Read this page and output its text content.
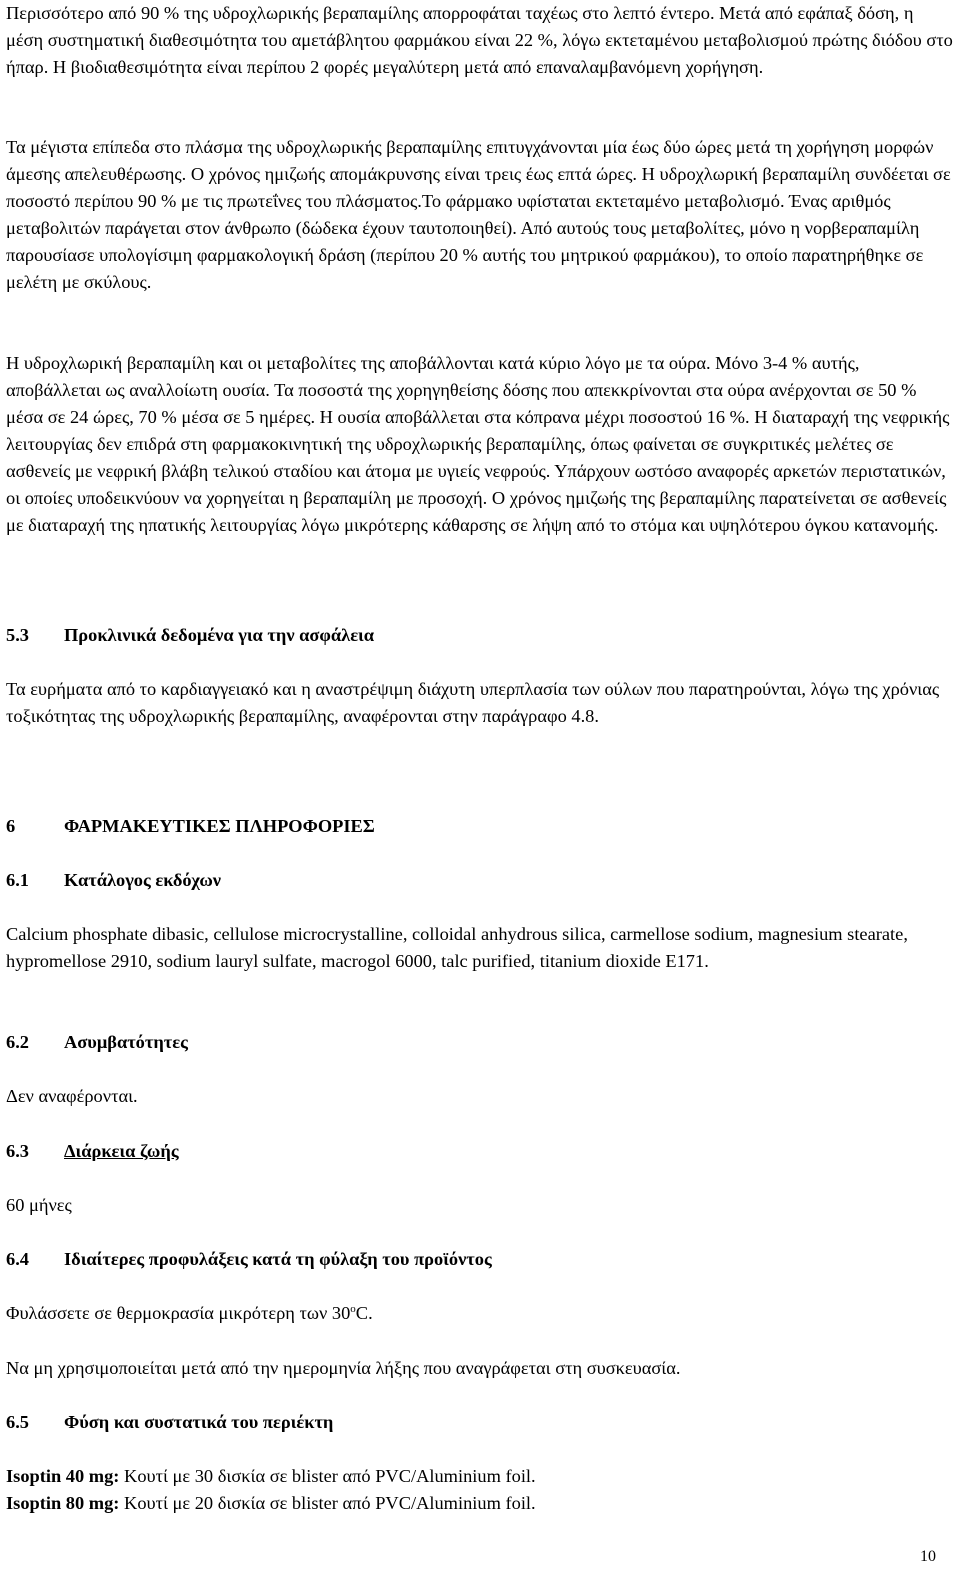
Περισσότερο από 90 % της υδροχλωρικής βεραπαμίλης απορροφάται ταχέως στο λεπτό έντερο. Μετά από εφάπαξ δόση, η μέση συστηματική διαθεσιμότητα του αμετάβλητου φαρμάκου είναι 22 %, λόγω εκτεταμένου μεταβολισμού πρώτης διόδου στο ήπαρ. Η βιοδιαθεσιμότητα είναι περίπου 2 φορές μεγαλύτερη μετά από επαναλαμβανόμενη χορήγηση.

Τα μέγιστα επίπεδα στο πλάσμα της υδροχλωρικής βεραπαμίλης επιτυγχάνονται μία έως δύο ώρες μετά τη χορήγηση μορφών άμεσης απελευθέρωσης. Ο χρόνος ημιζωής απομάκρυνσης είναι τρεις έως επτά ώρες. Η υδροχλωρική βεραπαμίλη συνδέεται σε ποσοστό περίπου 90 % με τις πρωτεΐνες του πλάσματος.Το φάρμακο υφίσταται εκτεταμένο μεταβολισμό. Ένας αριθμός μεταβολιτών παράγεται στον άνθρωπο (δώδεκα έχουν ταυτοποιηθεί). Από αυτούς τους μεταβολίτες, μόνο η νορβεραπαμίλη παρουσίασε υπολογίσιμη φαρμακολογική δράση (περίπου 20 % αυτής του μητρικού φαρμάκου), το οποίο παρατηρήθηκε σε μελέτη με σκύλους.

Η υδροχλωρική βεραπαμίλη και οι μεταβολίτες της αποβάλλονται κατά κύριο λόγο με τα ούρα. Μόνο 3-4 % αυτής, αποβάλλεται ως αναλλοίωτη ουσία. Τα ποσοστά της χορηγηθείσης δόσης που απεκκρίνονται στα ούρα ανέρχονται σε 50 % μέσα σε 24 ώρες, 70 % μέσα σε 5 ημέρες. Η ουσία αποβάλλεται στα κόπρανα μέχρι ποσοστού 16 %. Η διαταραχή της νεφρικής λειτουργίας δεν επιδρά στη φαρμακοκινητική της υδροχλωρικής βεραπαμίλης, όπως φαίνεται σε συγκριτικές μελέτες σε ασθενείς με νεφρική βλάβη τελικού σταδίου και άτομα με υγιείς νεφρούς. Υπάρχουν ωστόσο αναφορές αρκετών περιστατικών, οι οποίες υποδεικνύουν να χορηγείται η βεραπαμίλη με προσοχή. Ο χρόνος ημιζωής της βεραπαμίλης παρατείνεται σε ασθενείς με διαταραχή της ηπατικής λειτουργίας λόγω μικρότερης κάθαρσης σε λήψη από το στόμα και υψηλότερου όγκου κατανομής.

5.3 Προκλινικά δεδομένα για την ασφάλεια

Τα ευρήματα από το καρδιαγγειακό και η αναστρέψιμη διάχυτη υπερπλασία των ούλων που παρατηρούνται, λόγω της χρόνιας τοξικότητας της υδροχλωρικής βεραπαμίλης, αναφέρονται στην παράγραφο 4.8.

6	ΦΑΡΜΑΚΕΥΤΙΚΕΣ ΠΛΗΡΟΦΟΡΙΕΣ
6.1 Κατάλογος εκδόχων

Calcium phosphate dibasic, cellulose microcrystalline, colloidal anhydrous silica, carmellose sodium, magnesium stearate, hypromellose 2910, sodium lauryl sulfate, macrogol 6000, talc purified, titanium dioxide E171.

6.2 Ασυμβατότητες

Δεν αναφέρονται.

6.3 Διάρκεια ζωής

60 μήνες

6.4 Ιδιαίτερες προφυλάξεις κατά τη φύλαξη του προϊόντος

Φυλάσσετε σε θερμοκρασία μικρότερη των 30$^o$C.

Να μη χρησιμοποιείται μετά από την ημερομηνία λήξης που αναγράφεται στη συσκευασία.

6.5 Φύση και συστατικά του περιέκτη

Isoptin 40 mg: Κουτί με 30 δισκία σε blister από PVC/Aluminium foil.

Isoptin 80 mg: Κουτί με 20 δισκία σε blister από PVC/Aluminium foil.

10
